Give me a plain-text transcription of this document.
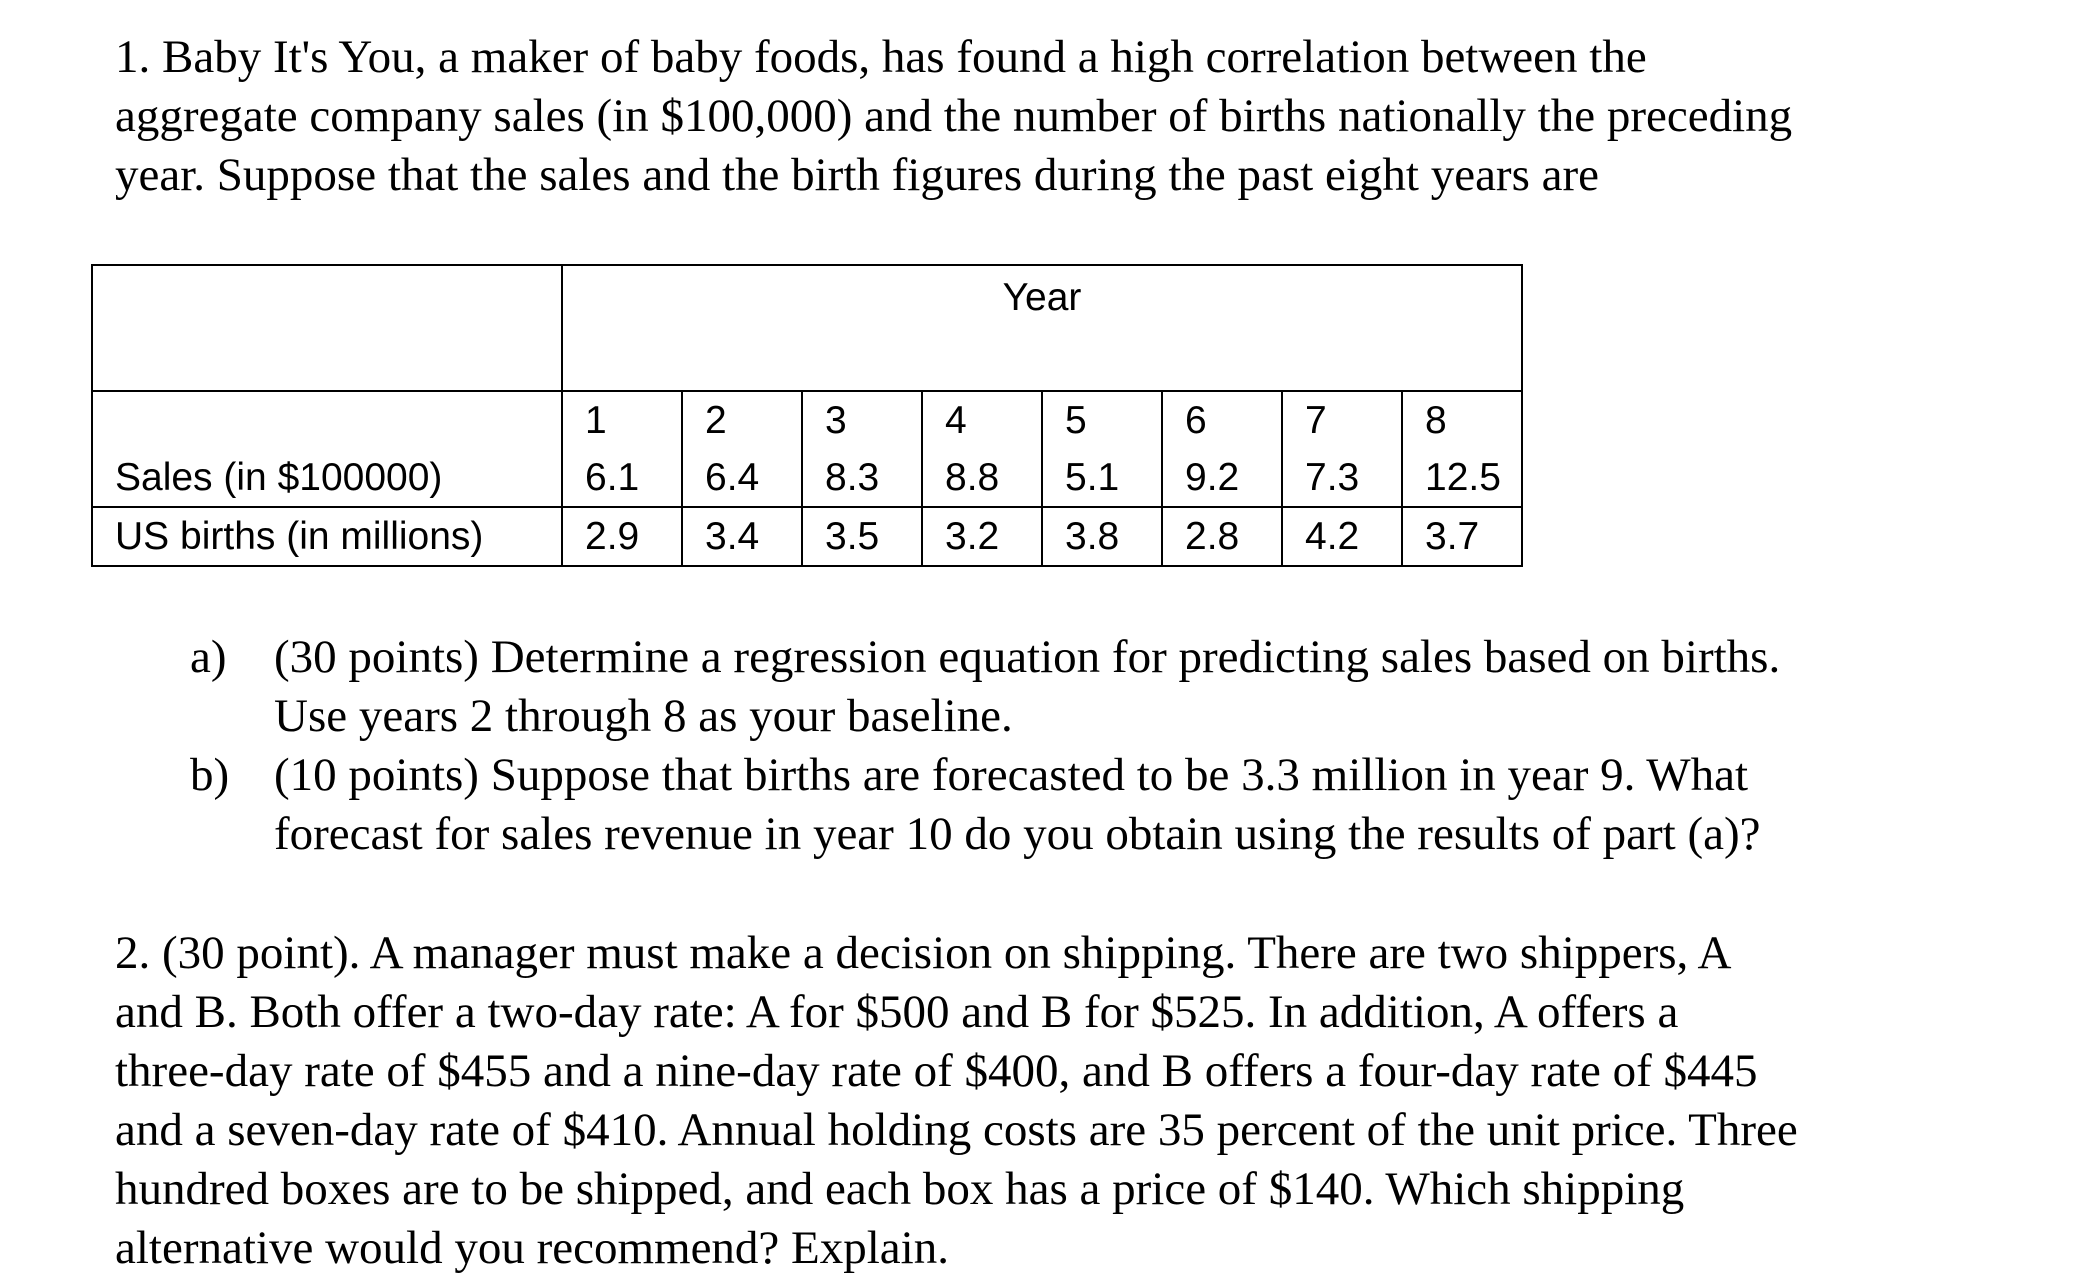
1. Baby It's You, a maker of baby foods, has found a high correlation between the
aggregate company sales (in $100,000) and the number of births nationally the preceding
year. Suppose that the sales and the birth figures during the past eight years are
	Year							
	1	2	3	4	5	6	7	8
Sales (in $100000)	6.1	6.4	8.3	8.8	5.1	9.2	7.3	12.5
US births (in millions)	2.9	3.4	3.5	3.2	3.8	2.8	4.2	3.7
a)	(30 points) Determine a regression equation for predicting sales based on births.
Use years 2 through 8 as your baseline.
b) (10 points) Suppose that births are forecasted to be 3.3 million in year 9. What
forecast for sales revenue in year 10 do you obtain using the results of part (a)?
2. (30 point). A manager must make a decision on shipping. There are two shippers, A
and B. Both offer a two-day rate: A for $500 and B for $525. In addition, A offers a
three-day rate of $455 and a nine-day rate of $400, and B offers a four-day rate of $445
and a seven-day rate of $410. Annual holding costs are 35 percent of the unit price. Three
hundred boxes are to be shipped, and each box has a price of $140. Which shipping
alternative would you recommend? Explain.
